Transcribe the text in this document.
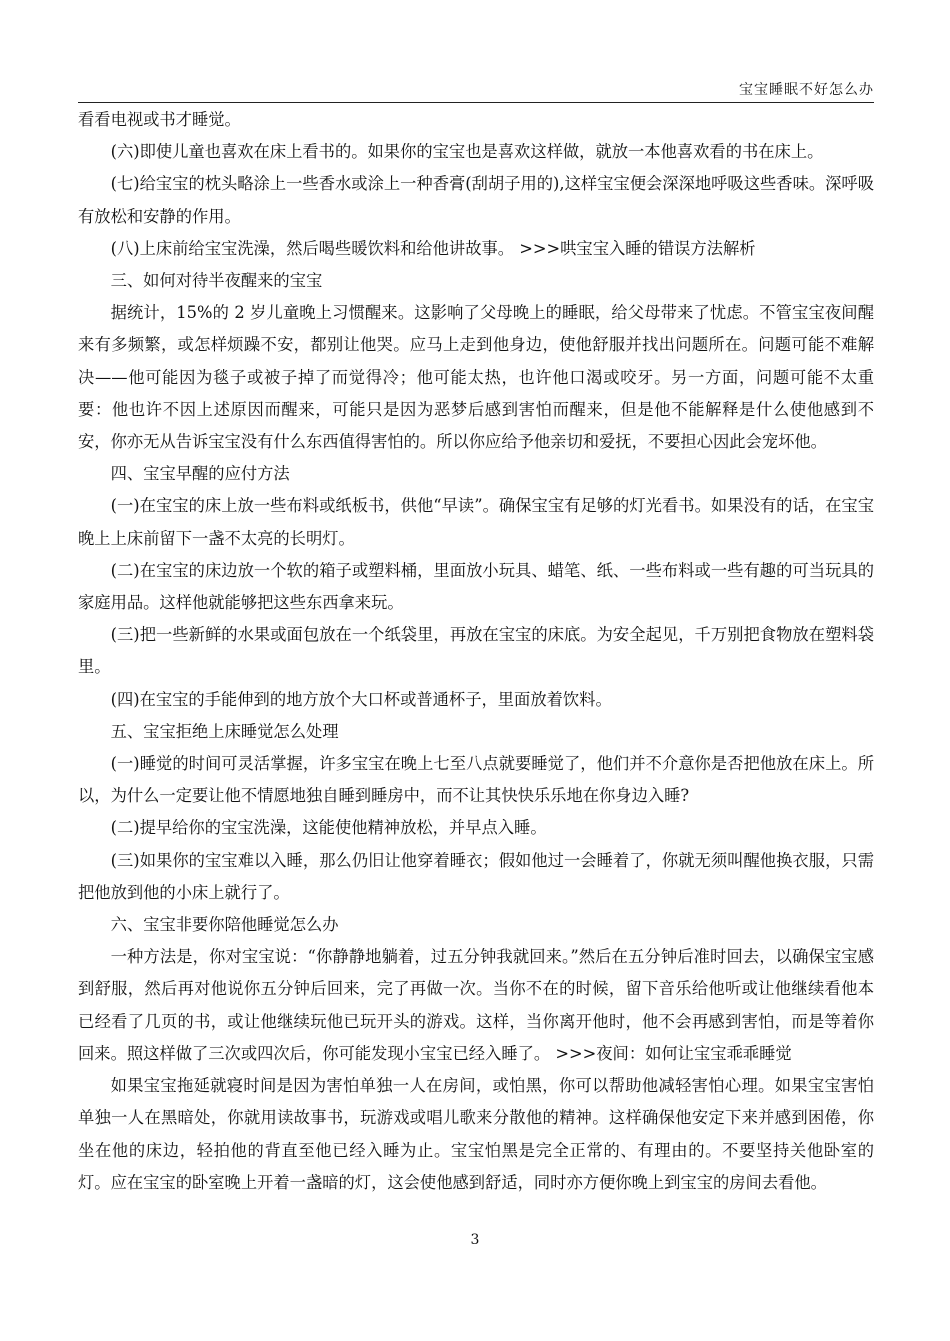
宝宝睡眠不好怎么办

看看电视或书才睡觉。

(六)即使儿童也喜欢在床上看书的。如果你的宝宝也是喜欢这样做，就放一本他喜欢看的书在床上。

(七)给宝宝的枕头略涂上一些香水或涂上一种香膏(刮胡子用的),这样宝宝便会深深地呼吸这些香味。深呼吸有放松和安静的作用。

(八)上床前给宝宝洗澡，然后喝些暖饮料和给他讲故事。 >>>哄宝宝入睡的错误方法解析

三、如何对待半夜醒来的宝宝

据统计，15%的 2 岁儿童晚上习惯醒来。这影响了父母晚上的睡眠，给父母带来了忧虑。不管宝宝夜间醒来有多频繁，或怎样烦躁不安，都别让他哭。应马上走到他身边，使他舒服并找出问题所在。问题可能不难解决——他可能因为毯子或被子掉了而觉得冷；他可能太热，也许他口渴或咬牙。另一方面，问题可能不太重要：他也许不因上述原因而醒来，可能只是因为恶梦后感到害怕而醒来，但是他不能解释是什么使他感到不安，你亦无从告诉宝宝没有什么东西值得害怕的。所以你应给予他亲切和爱抚，不要担心因此会宠坏他。

四、宝宝早醒的应付方法

(一)在宝宝的床上放一些布料或纸板书，供他“早读”。确保宝宝有足够的灯光看书。如果没有的话，在宝宝晚上上床前留下一盏不太亮的长明灯。

(二)在宝宝的床边放一个软的箱子或塑料桶，里面放小玩具、蜡笔、纸、一些布料或一些有趣的可当玩具的家庭用品。这样他就能够把这些东西拿来玩。

(三)把一些新鲜的水果或面包放在一个纸袋里，再放在宝宝的床底。为安全起见，千万别把食物放在塑料袋里。

(四)在宝宝的手能伸到的地方放个大口杯或普通杯子，里面放着饮料。

五、宝宝拒绝上床睡觉怎么处理

(一)睡觉的时间可灵活掌握，许多宝宝在晚上七至八点就要睡觉了，他们并不介意你是否把他放在床上。所以，为什么一定要让他不情愿地独自睡到睡房中，而不让其快快乐乐地在你身边入睡?

(二)提早给你的宝宝洗澡，这能使他精神放松，并早点入睡。

(三)如果你的宝宝难以入睡，那么仍旧让他穿着睡衣；假如他过一会睡着了，你就无须叫醒他换衣服，只需把他放到他的小床上就行了。

六、宝宝非要你陪他睡觉怎么办

一种方法是，你对宝宝说：“你静静地躺着，过五分钟我就回来。”然后在五分钟后准时回去，以确保宝宝感到舒服，然后再对他说你五分钟后回来，完了再做一次。当你不在的时候，留下音乐给他听或让他继续看他本已经看了几页的书，或让他继续玩他已玩开头的游戏。这样，当你离开他时，他不会再感到害怕，而是等着你回来。照这样做了三次或四次后，你可能发现小宝宝已经入睡了。 >>>夜间：如何让宝宝乖乖睡觉

如果宝宝拖延就寝时间是因为害怕单独一人在房间，或怕黑，你可以帮助他减轻害怕心理。如果宝宝害怕单独一人在黑暗处，你就用读故事书，玩游戏或唱儿歌来分散他的精神。这样确保他安定下来并感到困倦，你坐在他的床边，轻拍他的背直至他已经入睡为止。宝宝怕黑是完全正常的、有理由的。不要坚持关他卧室的灯。应在宝宝的卧室晚上开着一盏暗的灯，这会使他感到舒适，同时亦方便你晚上到宝宝的房间去看他。

3
